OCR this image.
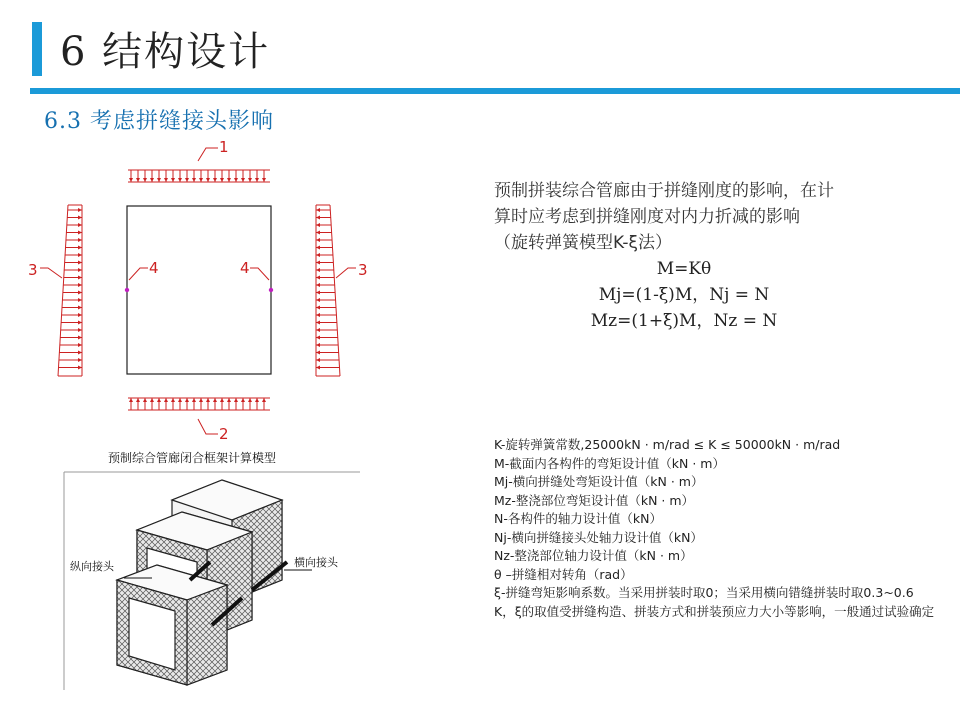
6 结构设计
6.3 考虑拼缝接头影响
1
2
3	3
4	4
预制综合管廊闭合框架计算模型
纵向接头	横向接头
预制拼装综合管廊由于拼缝刚度的影响，在计
算时应考虑到拼缝刚度对内力折减的影响
（旋转弹簧模型K-ξ法）
M=Kθ
Mj=(1-ξ)M，Nj = N
Mz=(1+ξ)M，Nz = N
K-旋转弹簧常数,25000kN · m/rad ≤ K ≤ 50000kN · m/rad
M-截面内各构件的弯矩设计值（kN · m）
Mj-横向拼缝处弯矩设计值（kN · m）
Mz-整浇部位弯矩设计值（kN · m）
N-各构件的轴力设计值（kN）
Nj-横向拼缝接头处轴力设计值（kN）
Nz-整浇部位轴力设计值（kN · m）
θ –拼缝相对转角（rad）
ξ-拼缝弯矩影响系数。当采用拼装时取0；当采用横向错缝拼装时取0.3~0.6
K，ξ的取值受拼缝构造、拼装方式和拼装预应力大小等影响，一般通过试验确定
